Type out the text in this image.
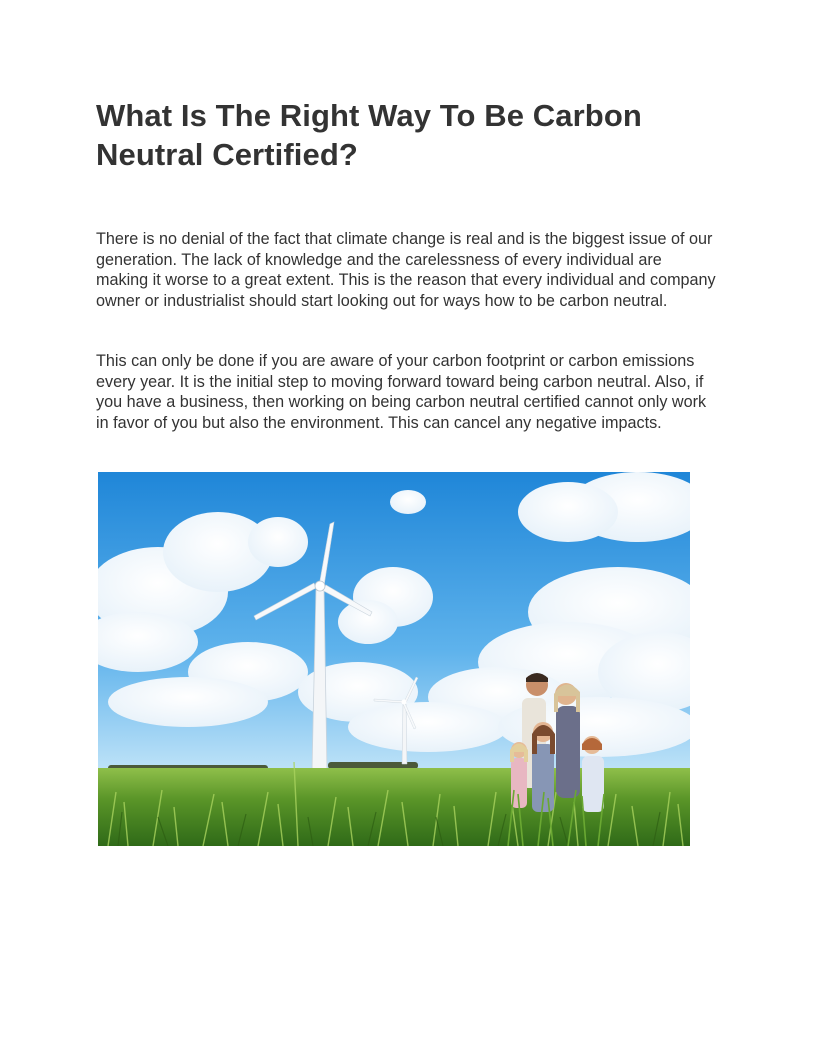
What Is The Right Way To Be Carbon Neutral Certified?

There is no denial of the fact that climate change is real and is the biggest issue of our generation. The lack of knowledge and the carelessness of every individual are making it worse to a great extent. This is the reason that every individual and company owner or industrialist should start looking out for ways how to be carbon neutral.

This can only be done if you are aware of your carbon footprint or carbon emissions every year. It is the initial step to moving forward toward being carbon neutral. Also, if you have a business, then working on being carbon neutral certified cannot only work in favor of you but also the environment. This can cancel any negative impacts.
